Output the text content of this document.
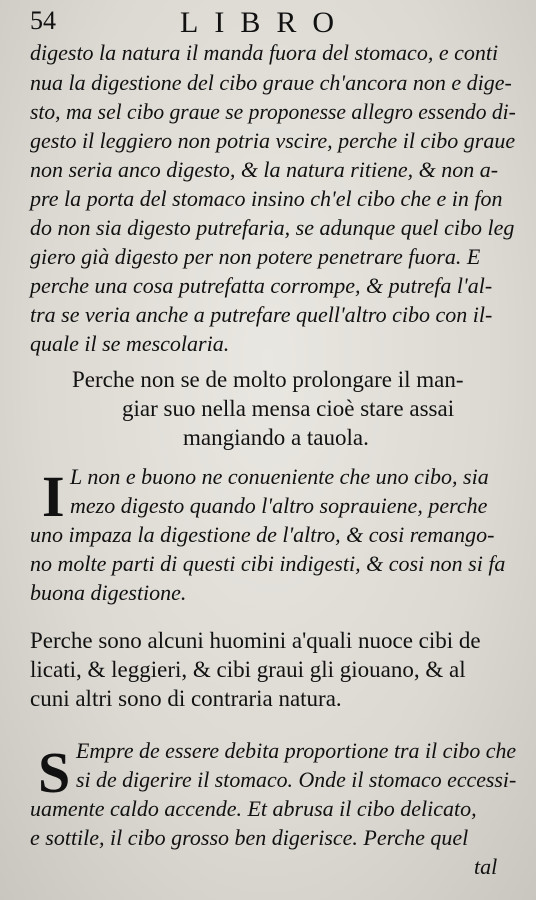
54	LIBRO
digesto la natura il manda fuora del stomaco, e conti
nua la digestione del cibo graue ch'ancora non e dige-
sto, ma sel cibo graue se proponesse allegro essendo di-
gesto il leggiero non potria vscire, perche il cibo graue
non seria anco digesto, & la natura ritiene, & non a-
pre la porta del stomaco insino ch'el cibo che e in fon
do non sia digesto putrefaria, se adunque quel cibo leg
giero già digesto per non potere penetrare fuora. E
perche una cosa putrefatta corrompe, & putrefa l'al-
tra se veria anche a putrefare quell'altro cibo con il-
quale il se mescolaria.
Perche non se de molto prolongare il man-
giar suo nella mensa cioè stare assai
mangiando a tauola.
I L non e buono ne conueniente che uno cibo, sia
mezo digesto quando l'altro soprauiene, perche
uno impaza la digestione de l'altro, & cosi remango-
no molte parti di questi cibi indigesti, & cosi non si fa
buona digestione.
Perche sono alcuni huomini a'quali nuoce cibi de
licati, & leggieri, & cibi graui gli giouano, & al
cuni altri sono di contraria natura.
S Empre de essere debita proportione tra il cibo che
si de digerire il stomaco. Onde il stomaco eccessi-
uamente caldo accende. Et abrusa il cibo delicato,
e sottile, il cibo grosso ben digerisce. Perche quel
tal
